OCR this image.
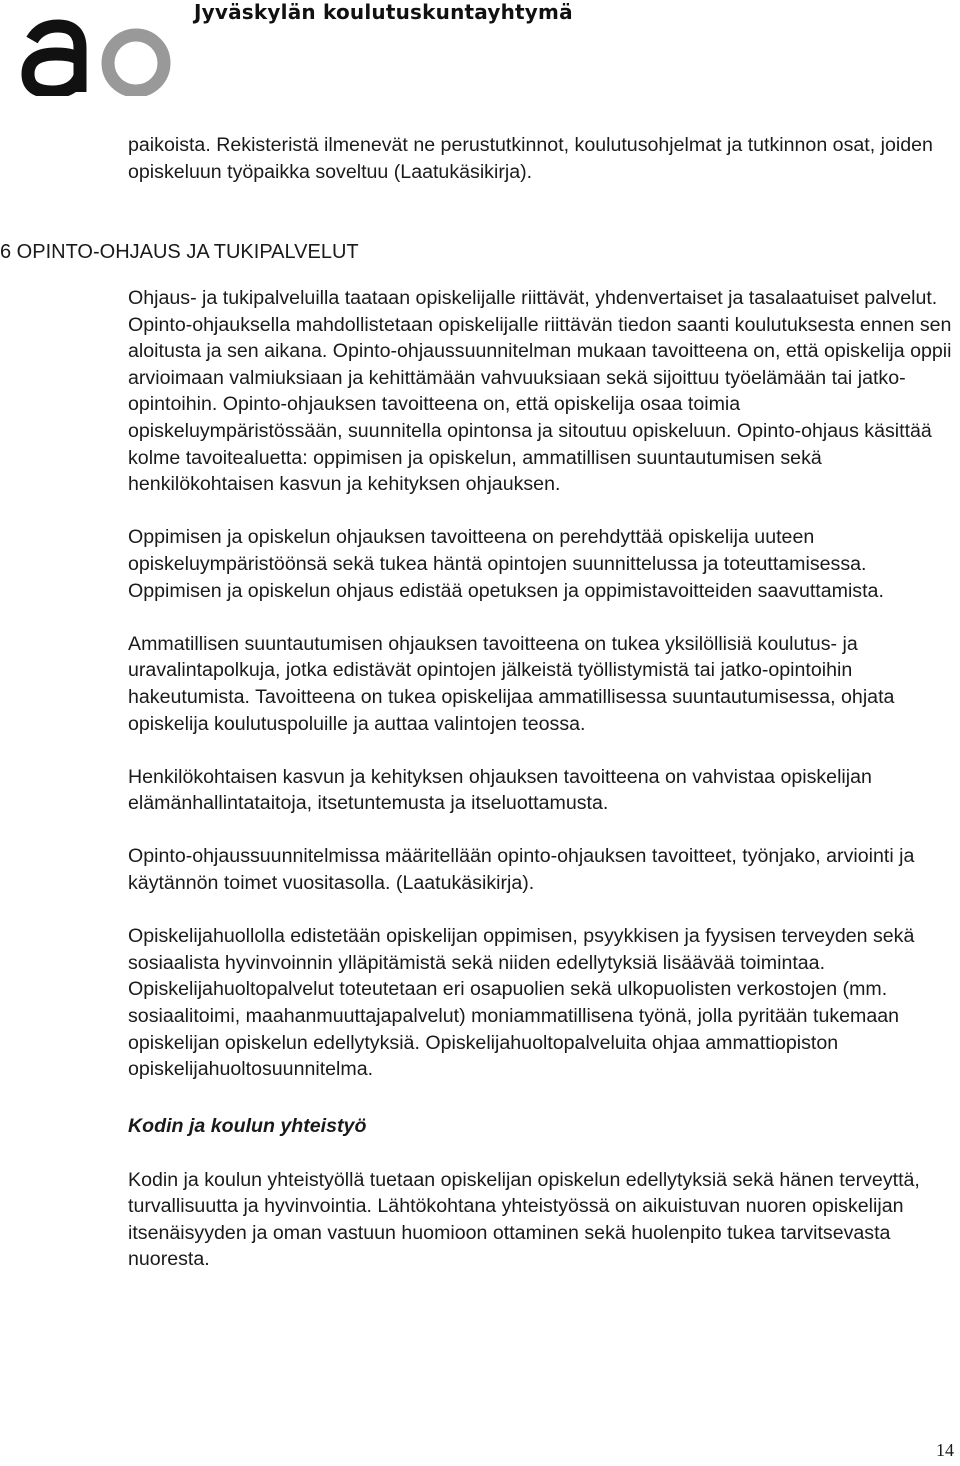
Jyväskylän koulutuskuntayhtymä

paikoista. Rekisteristä ilmenevät ne perustutkinnot, koulutusohjelmat ja tutkinnon osat, joiden opiskeluun työpaikka soveltuu (Laatukäsikirja).

6 OPINTO-OHJAUS JA TUKIPALVELUT

Ohjaus- ja tukipalveluilla taataan opiskelijalle riittävät, yhdenvertaiset ja tasalaatuiset palvelut. Opinto-ohjauksella mahdollistetaan opiskelijalle riittävän tiedon saanti koulutuksesta ennen sen aloitusta ja sen aikana. Opinto-ohjaussuunnitelman mukaan tavoitteena on, että opiskelija oppii arvioimaan valmiuksiaan ja kehittämään vahvuuksiaan sekä sijoittuu työelämään tai jatko-opintoihin. Opinto-ohjauksen tavoitteena on, että opiskelija osaa toimia opiskeluympäristössään, suunnitella opintonsa ja sitoutuu opiskeluun. Opinto-ohjaus käsittää kolme tavoitealuetta: oppimisen ja opiskelun, ammatillisen suuntautumisen sekä henkilökohtaisen kasvun ja kehityksen ohjauksen.

Oppimisen ja opiskelun ohjauksen tavoitteena on perehdyttää opiskelija uuteen opiskeluympäristöönsä sekä tukea häntä opintojen suunnittelussa ja toteuttamisessa. Oppimisen ja opiskelun ohjaus edistää opetuksen ja oppimistavoitteiden saavuttamista.

Ammatillisen suuntautumisen ohjauksen tavoitteena on tukea yksilöllisiä koulutus- ja uravalintapolkuja, jotka edistävät opintojen jälkeistä työllistymistä tai jatko-opintoihin hakeutumista. Tavoitteena on tukea opiskelijaa ammatillisessa suuntautumisessa, ohjata opiskelija koulutuspoluille ja auttaa valintojen teossa.

Henkilökohtaisen kasvun ja kehityksen ohjauksen tavoitteena on vahvistaa opiskelijan elämänhallintataitoja, itsetuntemusta ja itseluottamusta.

Opinto-ohjaussuunnitelmissa määritellään opinto-ohjauksen tavoitteet, työnjako, arviointi ja käytännön toimet vuositasolla. (Laatukäsikirja).

Opiskelijahuollolla edistetään opiskelijan oppimisen, psyykkisen ja fyysisen terveyden sekä sosiaalista hyvinvoinnin ylläpitämistä sekä niiden edellytyksiä lisäävää toimintaa. Opiskelijahuoltopalvelut toteutetaan eri osapuolien sekä ulkopuolisten verkostojen (mm. sosiaalitoimi, maahanmuuttajapalvelut) moniammatillisena työnä, jolla pyritään tukemaan opiskelijan opiskelun edellytyksiä. Opiskelijahuoltopalveluita ohjaa ammattiopiston opiskelijahuoltosuunnitelma.

Kodin ja koulun yhteistyö

Kodin ja koulun yhteistyöllä tuetaan opiskelijan opiskelun edellytyksiä sekä hänen terveyttä, turvallisuutta ja hyvinvointia. Lähtökohtana yhteistyössä on aikuistuvan nuoren opiskelijan itsenäisyyden ja oman vastuun huomioon ottaminen sekä huolenpito tukea tarvitsevasta nuoresta.

14
